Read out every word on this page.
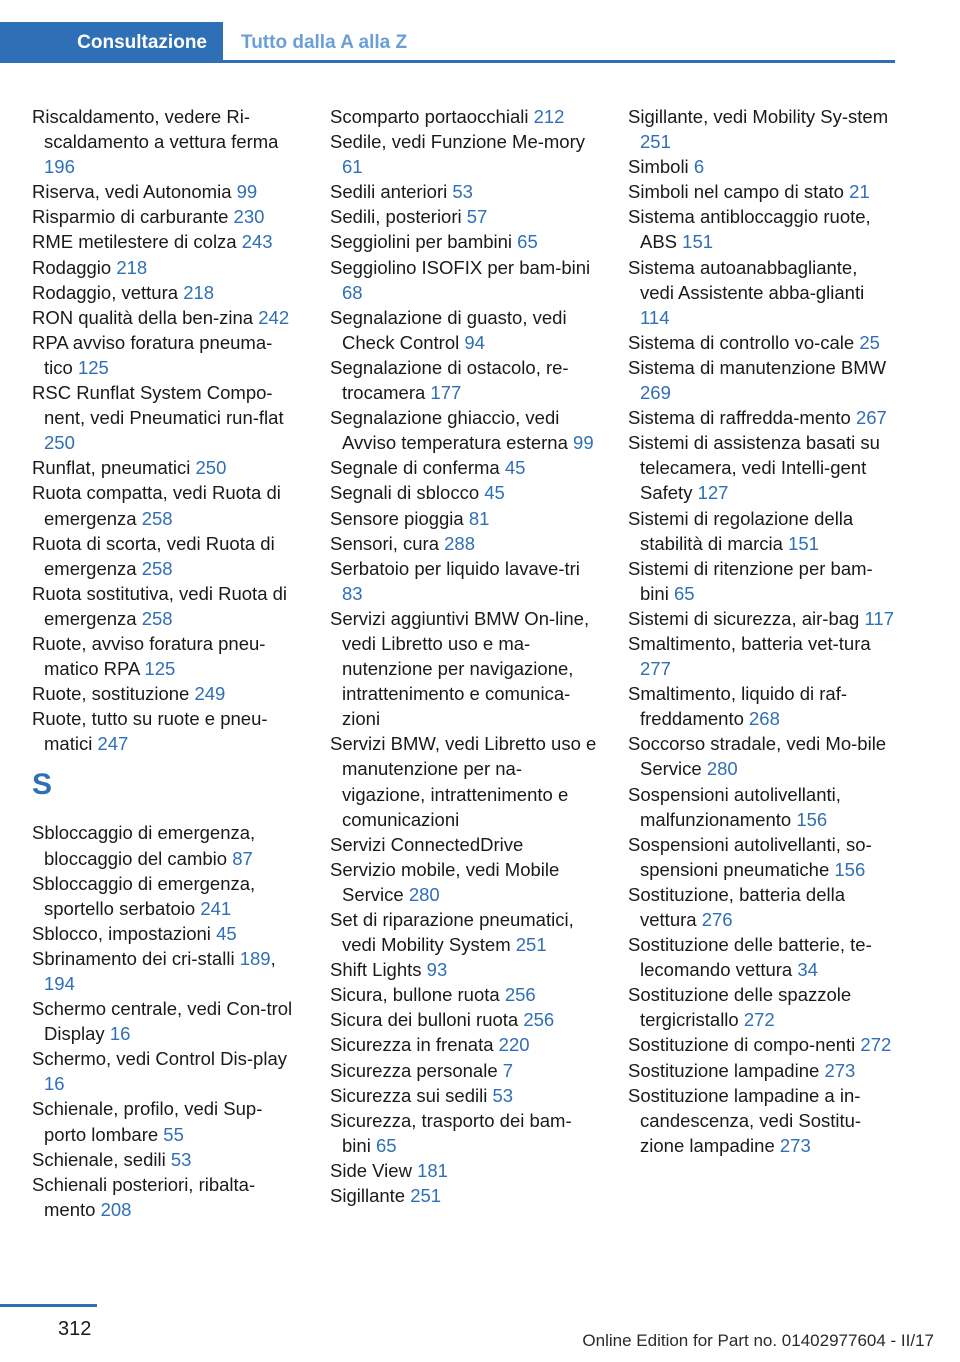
Consultazione	Tutto dalla A alla Z
Riscaldamento, vedere Ri‐scaldamento a vettura ferma 196
Riserva, vedi Autonomia 99
Risparmio di carburante 230
RME metilestere di colza 243
Rodaggio 218
Rodaggio, vettura 218
RON qualità della ben‐zina 242
RPA avviso foratura pneuma‐tico 125
RSC Runflat System Compo‐nent, vedi Pneumatici run‐flat 250
Runflat, pneumatici 250
Ruota compatta, vedi Ruota di emergenza 258
Ruota di scorta, vedi Ruota di emergenza 258
Ruota sostitutiva, vedi Ruota di emergenza 258
Ruote, avviso foratura pneu‐matico RPA 125
Ruote, sostituzione 249
Ruote, tutto su ruote e pneu‐matici 247
S
Sbloccaggio di emergenza, bloccaggio del cambio 87
Sbloccaggio di emergenza, sportello serbatoio 241
Sblocco, impostazioni 45
Sbrinamento dei cri‐stalli 189, 194
Schermo centrale, vedi Con‐trol Display 16
Schermo, vedi Control Dis‐play 16
Schienale, profilo, vedi Sup‐porto lombare 55
Schienale, sedili 53
Schienali posteriori, ribalta‐mento 208
Scomparto portaocchiali 212
Sedile, vedi Funzione Me‐mory 61
Sedili anteriori 53
Sedili, posteriori 57
Seggiolini per bambini 65
Seggiolino ISOFIX per bam‐bini 68
Segnalazione di guasto, vedi Check Control 94
Segnalazione di ostacolo, re‐trocamera 177
Segnalazione ghiaccio, vedi Avviso temperatura esterna 99
Segnale di conferma 45
Segnali di sblocco 45
Sensore pioggia 81
Sensori, cura 288
Serbatoio per liquido lavave‐tri 83
Servizi aggiuntivi BMW On‐line, vedi Libretto uso e ma‐nutenzione per navigazione, intrattenimento e comunica‐zioni
Servizi BMW, vedi Libretto uso e manutenzione per na‐vigazione, intrattenimento e comunicazioni
Servizi ConnectedDrive
Servizio mobile, vedi Mobile Service 280
Set di riparazione pneumatici, vedi Mobility System 251
Shift Lights 93
Sicura, bullone ruota 256
Sicura dei bulloni ruota 256
Sicurezza in frenata 220
Sicurezza personale 7
Sicurezza sui sedili 53
Sicurezza, trasporto dei bam‐bini 65
Side View 181
Sigillante 251
Sigillante, vedi Mobility Sy‐stem 251
Simboli 6
Simboli nel campo di stato 21
Sistema antibloccaggio ruote, ABS 151
Sistema autoanabbagliante, vedi Assistente abba‐glianti 114
Sistema di controllo vo‐cale 25
Sistema di manutenzione BMW 269
Sistema di raffredda‐mento 267
Sistemi di assistenza basati su telecamera, vedi Intelli‐gent Safety 127
Sistemi di regolazione della stabilità di marcia 151
Sistemi di ritenzione per bam‐bini 65
Sistemi di sicurezza, air‐bag 117
Smaltimento, batteria vet‐tura 277
Smaltimento, liquido di raf‐freddamento 268
Soccorso stradale, vedi Mo‐bile Service 280
Sospensioni autolivellanti, malfunzionamento 156
Sospensioni autolivellanti, so‐spensioni pneumatiche 156
Sostituzione, batteria della vettura 276
Sostituzione delle batterie, te‐lecomando vettura 34
Sostituzione delle spazzole tergicristallo 272
Sostituzione di compo‐nenti 272
Sostituzione lampadine 273
Sostituzione lampadine a in‐candescenza, vedi Sostitu‐zione lampadine 273
312
Online Edition for Part no. 01402977604 - II/17
